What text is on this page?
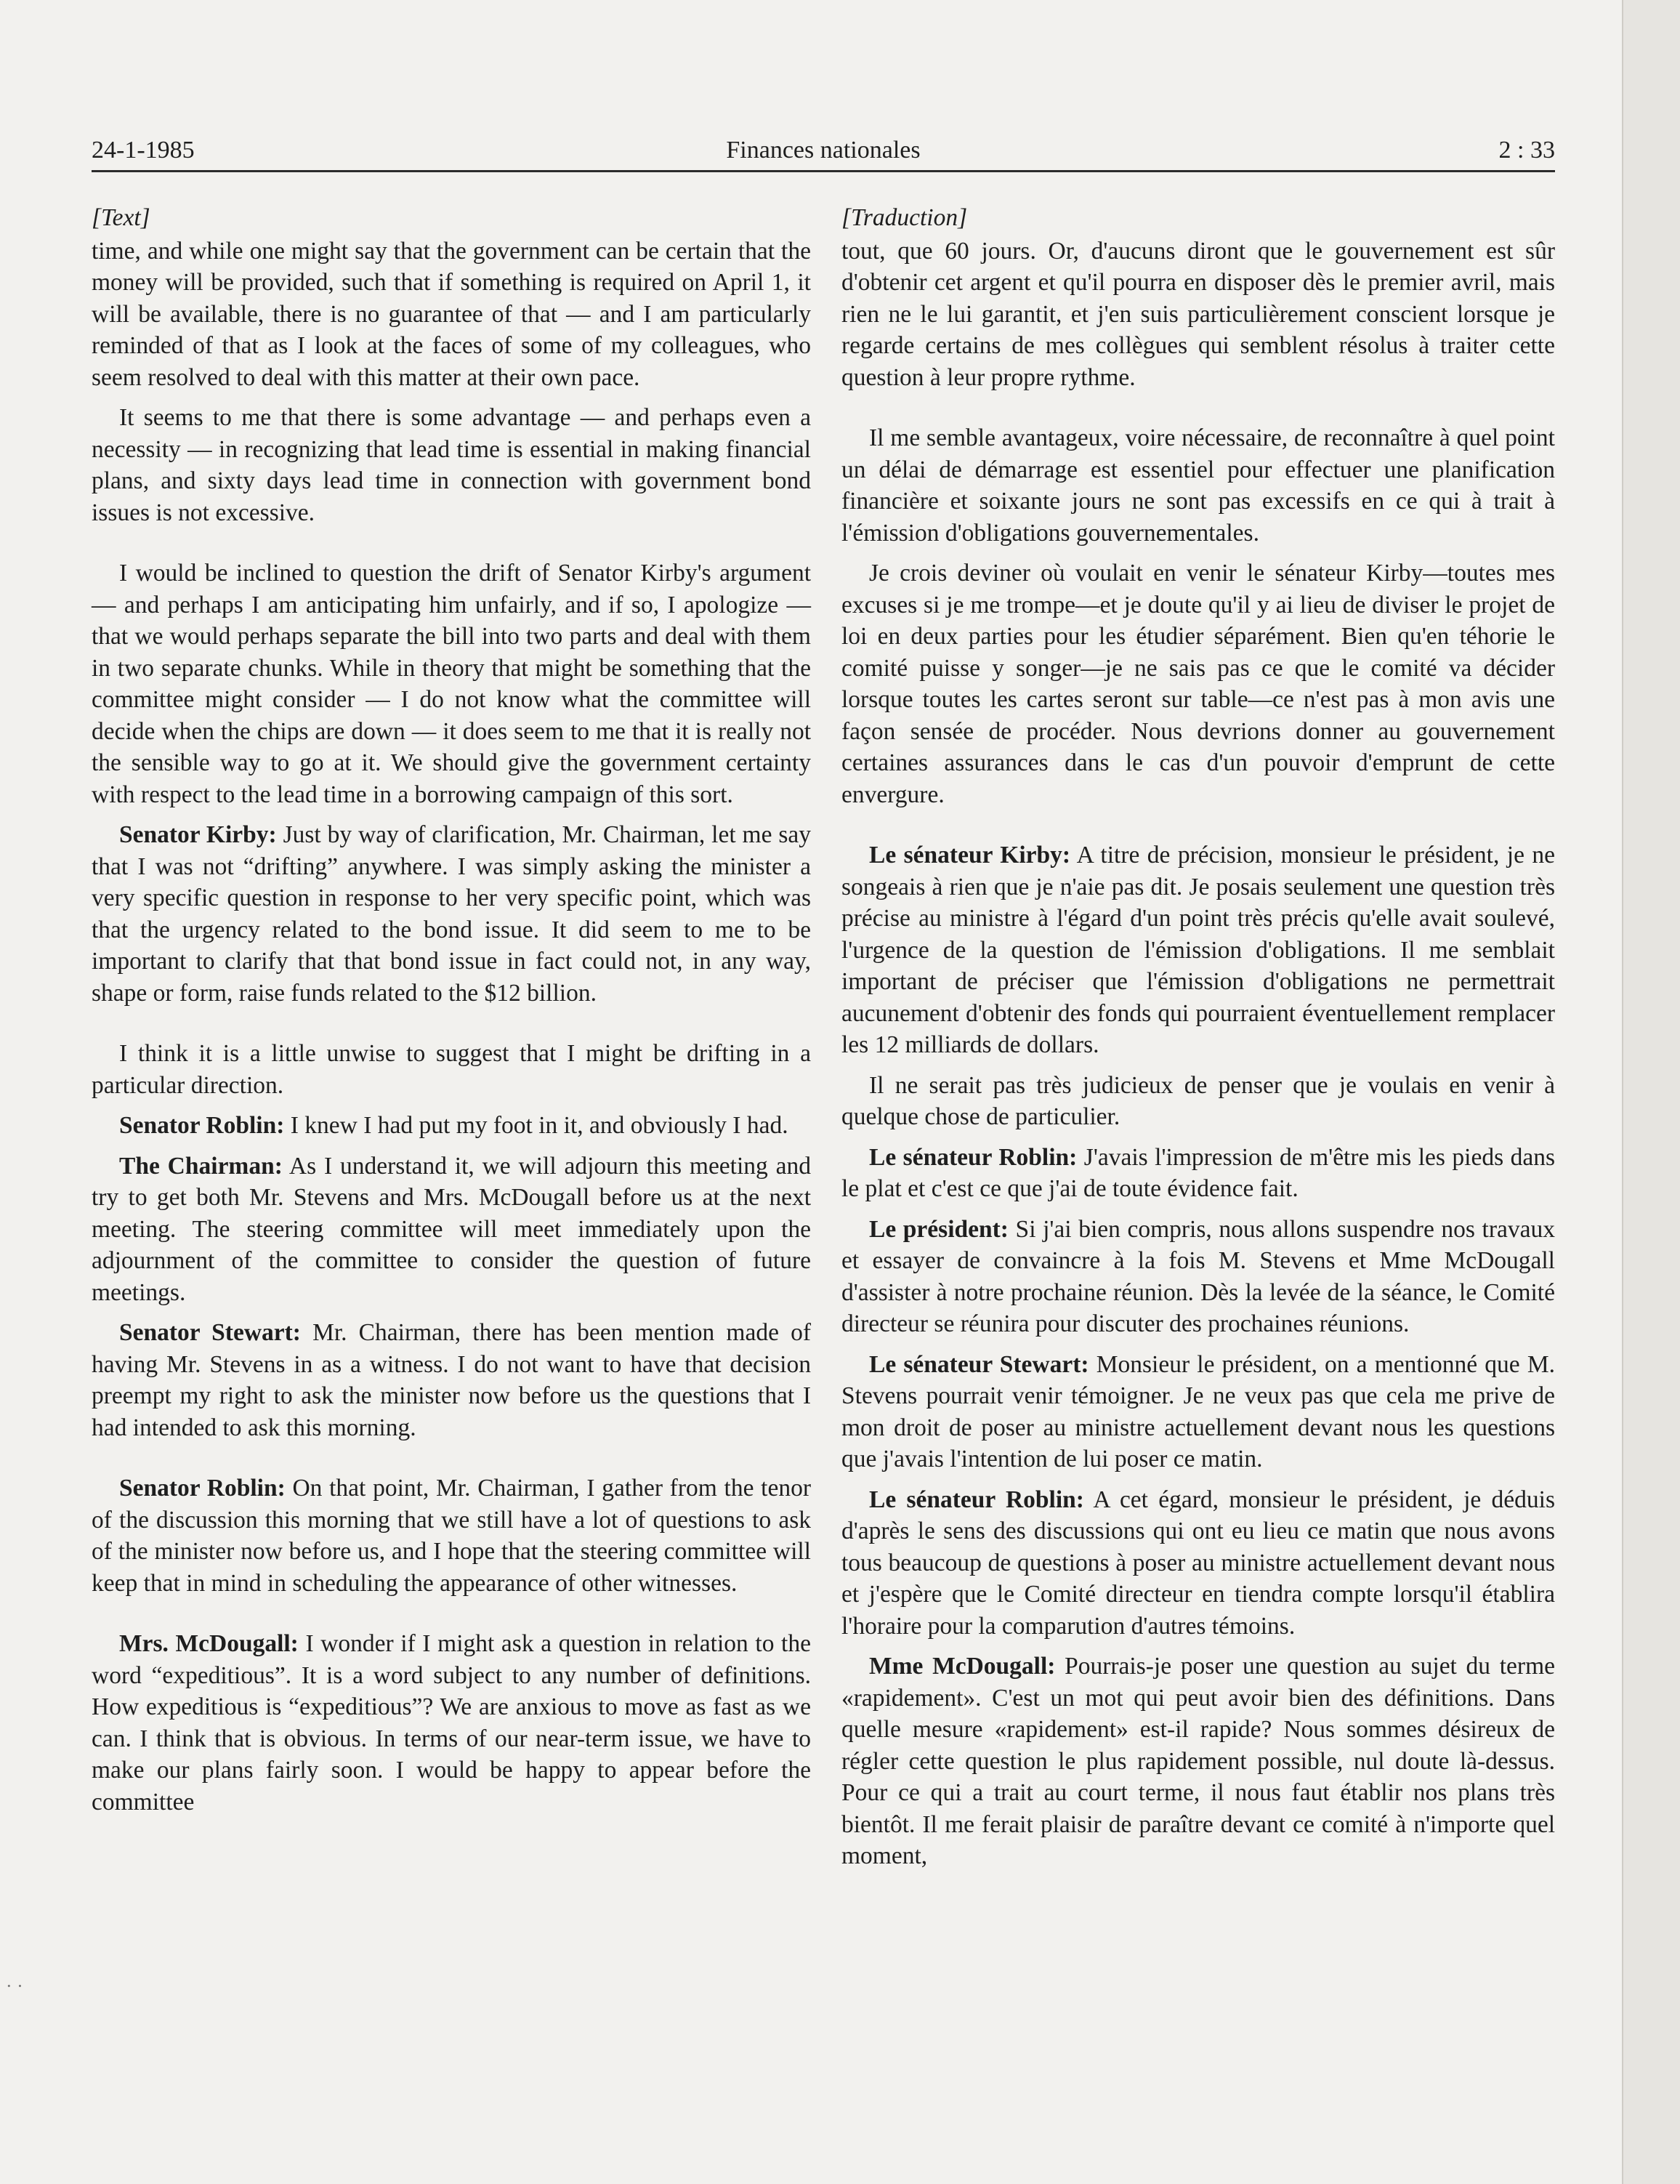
24-1-1985	Finances nationales	2 : 33
[Text]

time, and while one might say that the government can be certain that the money will be provided, such that if something is required on April 1, it will be available, there is no guarantee of that — and I am particularly reminded of that as I look at the faces of some of my colleagues, who seem resolved to deal with this matter at their own pace.

It seems to me that there is some advantage — and perhaps even a necessity — in recognizing that lead time is essential in making financial plans, and sixty days lead time in connection with government bond issues is not excessive.

I would be inclined to question the drift of Senator Kirby's argument — and perhaps I am anticipating him unfairly, and if so, I apologize — that we would perhaps separate the bill into two parts and deal with them in two separate chunks. While in theory that might be something that the committee might consider — I do not know what the committee will decide when the chips are down — it does seem to me that it is really not the sensible way to go at it. We should give the government certainty with respect to the lead time in a borrowing campaign of this sort.

Senator Kirby: Just by way of clarification, Mr. Chairman, let me say that I was not “drifting” anywhere. I was simply asking the minister a very specific question in response to her very specific point, which was that the urgency related to the bond issue. It did seem to me to be important to clarify that that bond issue in fact could not, in any way, shape or form, raise funds related to the $12 billion.

I think it is a little unwise to suggest that I might be drifting in a particular direction.

Senator Roblin: I knew I had put my foot in it, and obviously I had.

The Chairman: As I understand it, we will adjourn this meeting and try to get both Mr. Stevens and Mrs. McDougall before us at the next meeting. The steering committee will meet immediately upon the adjournment of the committee to consider the question of future meetings.

Senator Stewart: Mr. Chairman, there has been mention made of having Mr. Stevens in as a witness. I do not want to have that decision preempt my right to ask the minister now before us the questions that I had intended to ask this morning.

Senator Roblin: On that point, Mr. Chairman, I gather from the tenor of the discussion this morning that we still have a lot of questions to ask of the minister now before us, and I hope that the steering committee will keep that in mind in scheduling the appearance of other witnesses.

Mrs. McDougall: I wonder if I might ask a question in relation to the word “expeditious”. It is a word subject to any number of definitions. How expeditious is “expeditious”? We are anxious to move as fast as we can. I think that is obvious. In terms of our near-term issue, we have to make our plans fairly soon. I would be happy to appear before the committee

[Traduction]

tout, que 60 jours. Or, d'aucuns diront que le gouvernement est sûr d'obtenir cet argent et qu'il pourra en disposer dès le premier avril, mais rien ne le lui garantit, et j'en suis particulièrement conscient lorsque je regarde certains de mes collègues qui semblent résolus à traiter cette question à leur propre rythme.

Il me semble avantageux, voire nécessaire, de reconnaître à quel point un délai de démarrage est essentiel pour effectuer une planification financière et soixante jours ne sont pas excessifs en ce qui à trait à l'émission d'obligations gouvernementales.

Je crois deviner où voulait en venir le sénateur Kirby—toutes mes excuses si je me trompe—et je doute qu'il y ai lieu de diviser le projet de loi en deux parties pour les étudier séparément. Bien qu'en téhorie le comité puisse y songer—je ne sais pas ce que le comité va décider lorsque toutes les cartes seront sur table—ce n'est pas à mon avis une façon sensée de procéder. Nous devrions donner au gouvernement certaines assurances dans le cas d'un pouvoir d'emprunt de cette envergure.

Le sénateur Kirby: A titre de précision, monsieur le président, je ne songeais à rien que je n'aie pas dit. Je posais seulement une question très précise au ministre à l'égard d'un point très précis qu'elle avait soulevé, l'urgence de la question de l'émission d'obligations. Il me semblait important de préciser que l'émission d'obligations ne permettrait aucunement d'obtenir des fonds qui pourraient éventuellement remplacer les 12 milliards de dollars.

Il ne serait pas très judicieux de penser que je voulais en venir à quelque chose de particulier.

Le sénateur Roblin: J'avais l'impression de m'être mis les pieds dans le plat et c'est ce que j'ai de toute évidence fait.

Le président: Si j'ai bien compris, nous allons suspendre nos travaux et essayer de convaincre à la fois M. Stevens et Mme McDougall d'assister à notre prochaine réunion. Dès la levée de la séance, le Comité directeur se réunira pour discuter des prochaines réunions.

Le sénateur Stewart: Monsieur le président, on a mentionné que M. Stevens pourrait venir témoigner. Je ne veux pas que cela me prive de mon droit de poser au ministre actuellement devant nous les questions que j'avais l'intention de lui poser ce matin.

Le sénateur Roblin: A cet égard, monsieur le président, je déduis d'après le sens des discussions qui ont eu lieu ce matin que nous avons tous beaucoup de questions à poser au ministre actuellement devant nous et j'espère que le Comité directeur en tiendra compte lorsqu'il établira l'horaire pour la comparution d'autres témoins.

Mme McDougall: Pourrais-je poser une question au sujet du terme «rapidement». C'est un mot qui peut avoir bien des définitions. Dans quelle mesure «rapidement» est-il rapide? Nous sommes désireux de régler cette question le plus rapidement possible, nul doute là-dessus. Pour ce qui a trait au court terme, il nous faut établir nos plans très bientôt. Il me ferait plaisir de paraître devant ce comité à n'importe quel moment,

· ·
